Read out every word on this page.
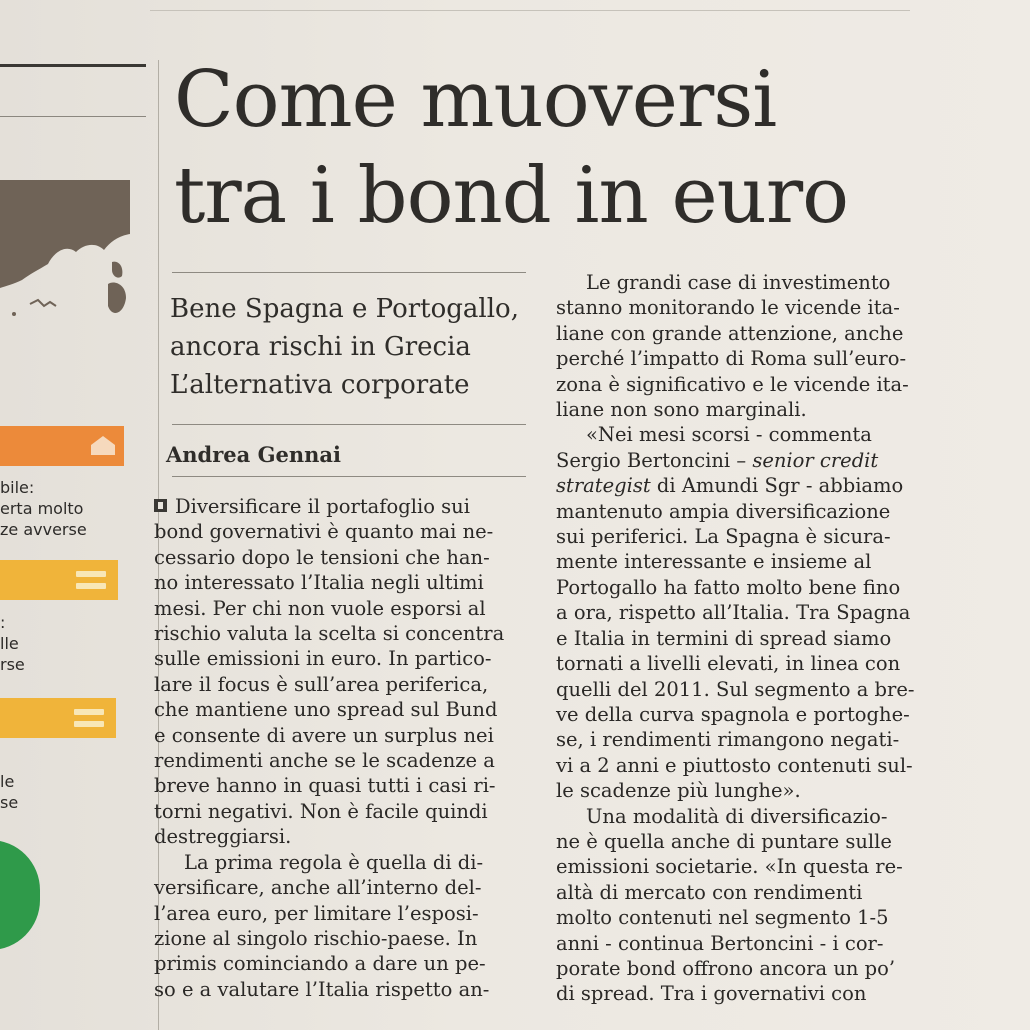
bile:
erta molto
ze avverse
:
lle
rse
le
se
Come muoversi
tra i bond in euro
Bene Spagna e Portogallo,
ancora rischi in Grecia
L’alternativa corporate
Andrea Gennai
Diversificare il portafoglio sui
bond governativi è quanto mai ne-
cessario dopo le tensioni che han-
no interessato l’Italia negli ultimi
mesi. Per chi non vuole esporsi al
rischio valuta la scelta si concentra
sulle emissioni in euro. In partico-
lare il focus è sull’area periferica,
che mantiene uno spread sul Bund
e consente di avere un surplus nei
rendimenti anche se le scadenze a
breve hanno in quasi tutti i casi ri-
torni negativi. Non è facile quindi
destreggiarsi.
La prima regola è quella di di-
versificare, anche all’interno del-
l’area euro, per limitare l’esposi-
zione al singolo rischio-paese. In
primis cominciando a dare un pe-
so e a valutare l’Italia rispetto an-
Le grandi case di investimento
stanno monitorando le vicende ita-
liane con grande attenzione, anche
perché l’impatto di Roma sull’euro-
zona è significativo e le vicende ita-
liane non sono marginali.
«Nei mesi scorsi - commenta
Sergio Bertoncini – senior credit
strategist di Amundi Sgr - abbiamo
mantenuto ampia diversificazione
sui periferici. La Spagna è sicura-
mente interessante e insieme al
Portogallo ha fatto molto bene fino
a ora, rispetto all’Italia. Tra Spagna
e Italia in termini di spread siamo
tornati a livelli elevati, in linea con
quelli del 2011. Sul segmento a bre-
ve della curva spagnola e portoghe-
se, i rendimenti rimangono negati-
vi a 2 anni e piuttosto contenuti sul-
le scadenze più lunghe».
Una modalità di diversificazio-
ne è quella anche di puntare sulle
emissioni societarie. «In questa re-
altà di mercato con rendimenti
molto contenuti nel segmento 1-5
anni - continua Bertoncini - i cor-
porate bond offrono ancora un po’
di spread. Tra i governativi con
